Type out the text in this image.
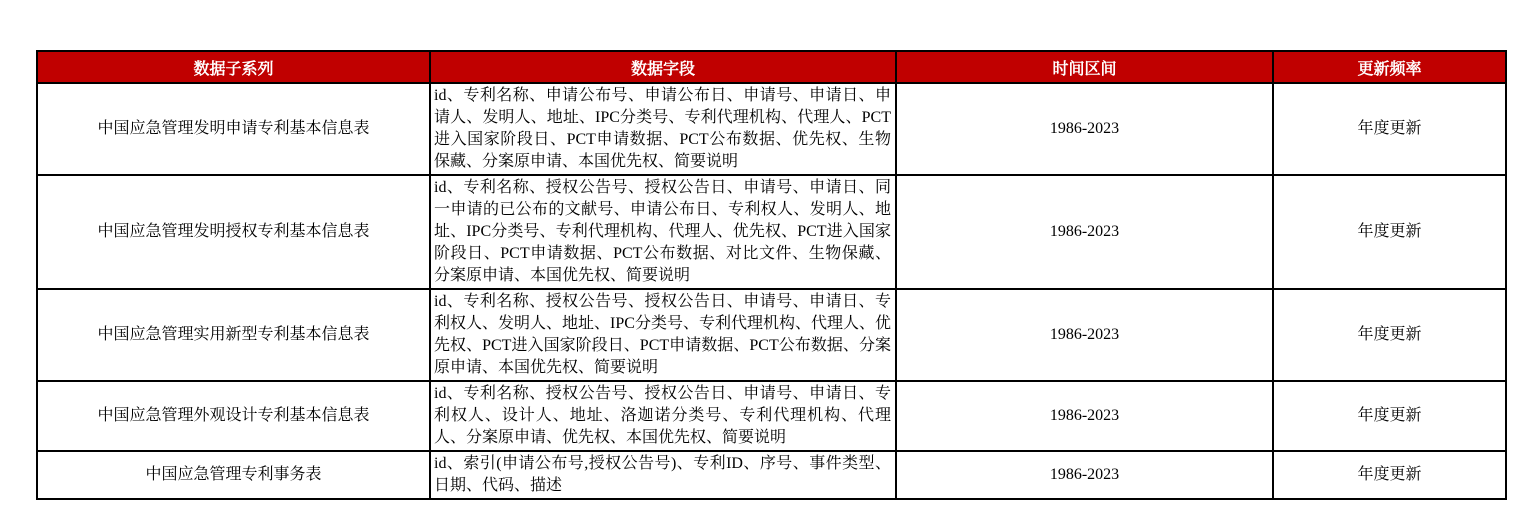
数据子系列	数据字段	时间区间	更新频率
中国应急管理发明申请专利基本信息表	id、专利名称、申请公布号、申请公布日、申请号、申请日、申请人、发明人、地址、IPC分类号、专利代理机构、代理人、PCT进入国家阶段日、PCT申请数据、PCT公布数据、优先权、生物保藏、分案原申请、本国优先权、简要说明	1986-2023	年度更新
中国应急管理发明授权专利基本信息表	id、专利名称、授权公告号、授权公告日、申请号、申请日、同一申请的已公布的文献号、申请公布日、专利权人、发明人、地址、IPC分类号、专利代理机构、代理人、优先权、PCT进入国家阶段日、PCT申请数据、PCT公布数据、对比文件、生物保藏、分案原申请、本国优先权、简要说明	1986-2023	年度更新
中国应急管理实用新型专利基本信息表	id、专利名称、授权公告号、授权公告日、申请号、申请日、专利权人、发明人、地址、IPC分类号、专利代理机构、代理人、优先权、PCT进入国家阶段日、PCT申请数据、PCT公布数据、分案原申请、本国优先权、简要说明	1986-2023	年度更新
中国应急管理外观设计专利基本信息表	id、专利名称、授权公告号、授权公告日、申请号、申请日、专利权人、设计人、地址、洛迦诺分类号、专利代理机构、代理人、分案原申请、优先权、本国优先权、简要说明	1986-2023	年度更新
中国应急管理专利事务表	id、索引(申请公布号,授权公告号)、专利ID、序号、事件类型、日期、代码、描述	1986-2023	年度更新
